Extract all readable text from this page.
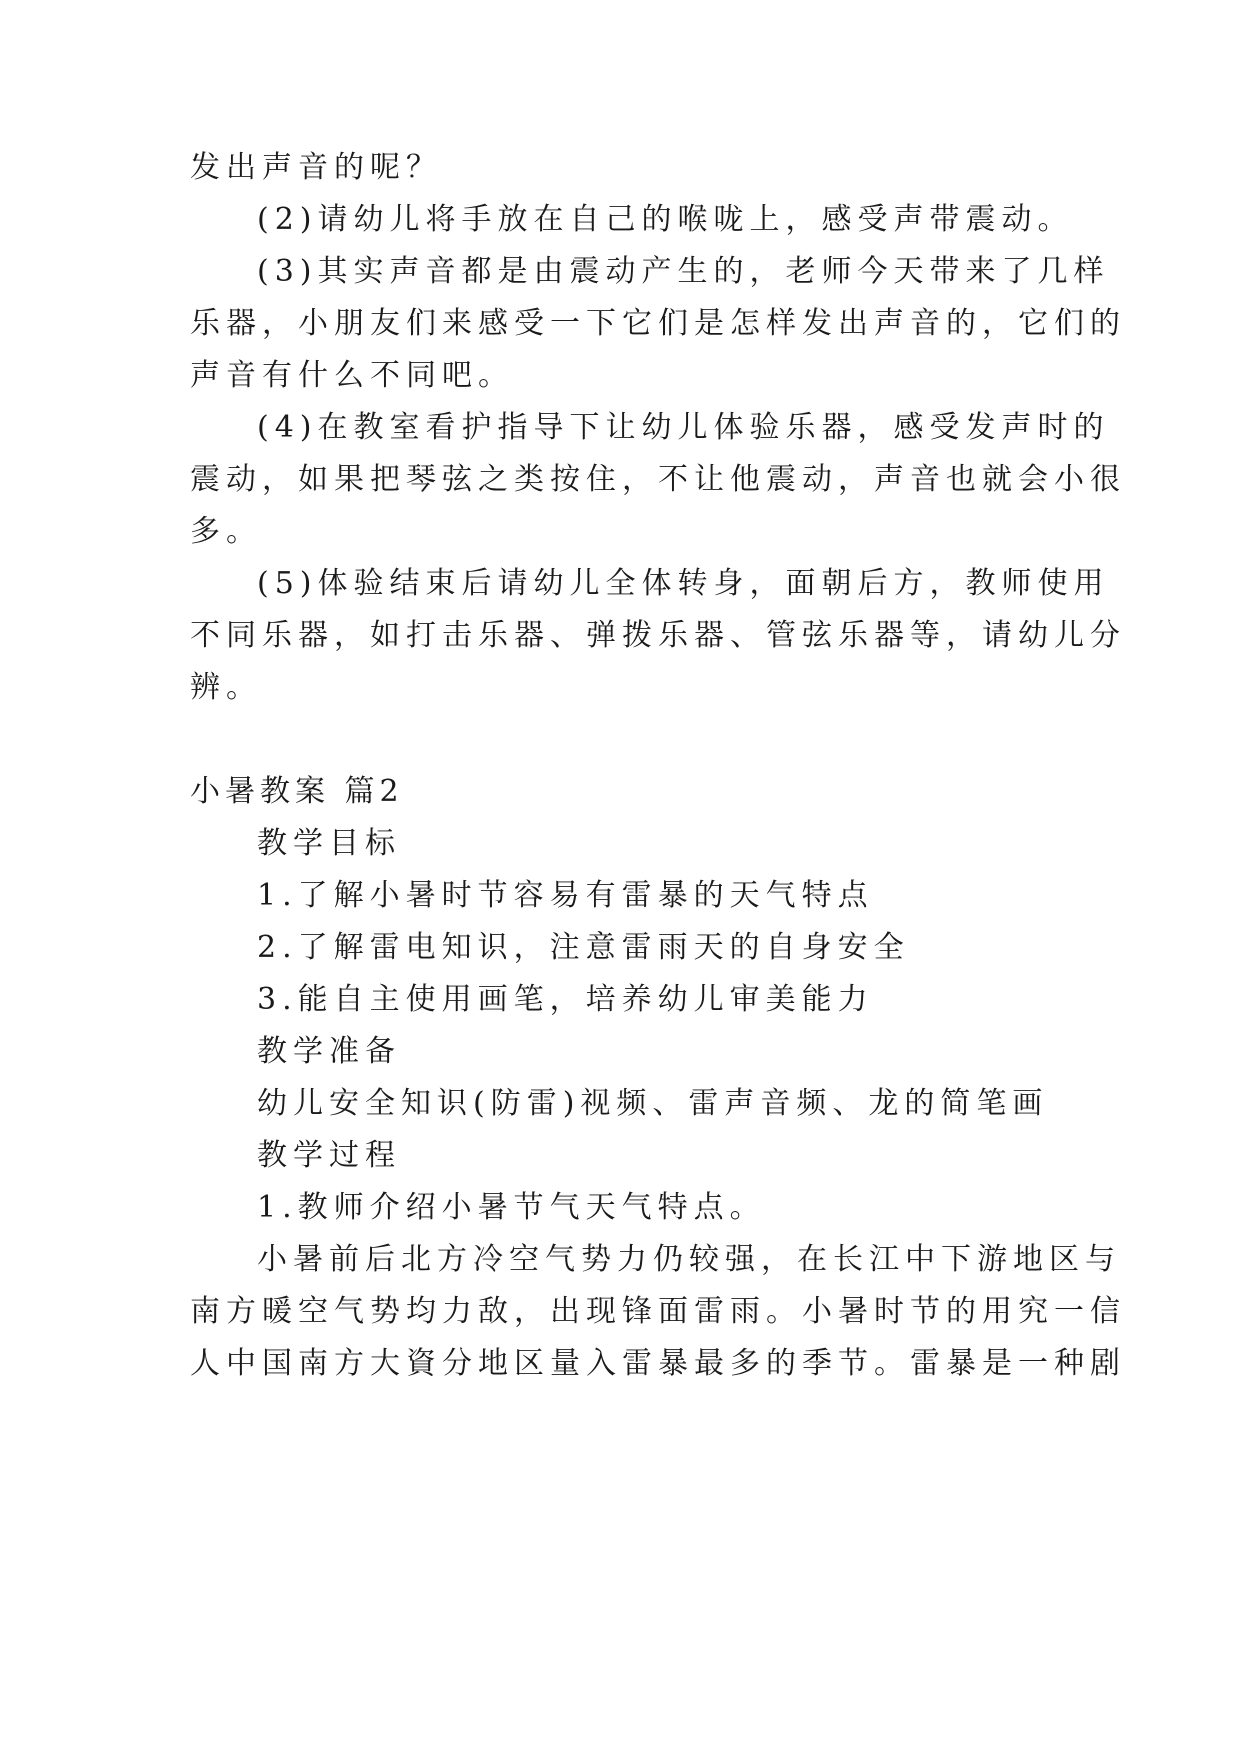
发出声音的呢？
(2)请幼儿将手放在自己的喉咙上，感受声带震动。
(3)其实声音都是由震动产生的，老师今天带来了几样
乐器，小朋友们来感受一下它们是怎样发出声音的，它们的
声音有什么不同吧。
(4)在教室看护指导下让幼儿体验乐器，感受发声时的
震动，如果把琴弦之类按住，不让他震动，声音也就会小很
多。
(5)体验结束后请幼儿全体转身，面朝后方，教师使用
不同乐器，如打击乐器、弹拨乐器、管弦乐器等，请幼儿分
辨。
小暑教案 篇2
教学目标
1.了解小暑时节容易有雷暴的天气特点
2.了解雷电知识，注意雷雨天的自身安全
3.能自主使用画笔，培养幼儿审美能力
教学准备
幼儿安全知识(防雷)视频、雷声音频、龙的简笔画
教学过程
1.教师介绍小暑节气天气特点。
小暑前后北方冷空气势力仍较强，在长江中下游地区与
南方暖空气势均力敌，出现锋面雷雨。小暑时节的用究一信
人中国南方大資分地区量入雷暴最多的季节。雷暴是一种剧
